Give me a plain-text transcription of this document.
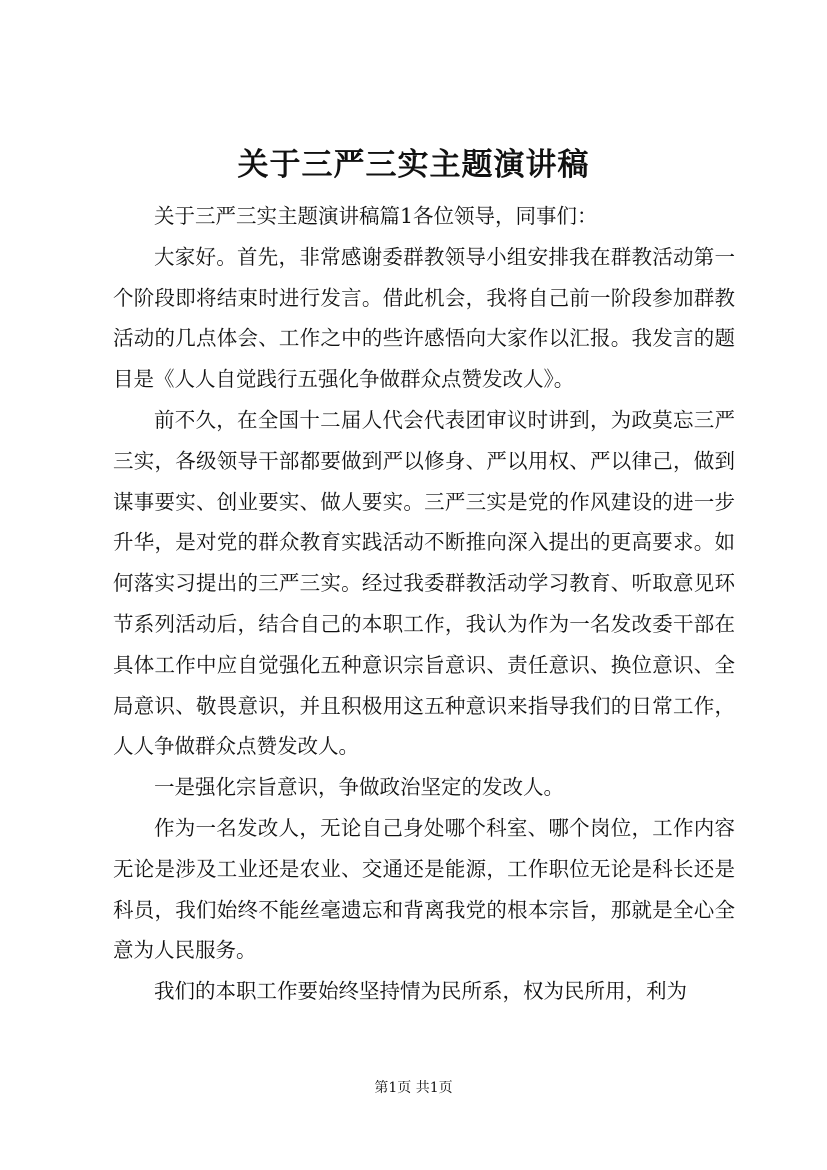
关于三严三实主题演讲稿

关于三严三实主题演讲稿篇1各位领导，同事们：

大家好。首先，非常感谢委群教领导小组安排我在群教活动第一个阶段即将结束时进行发言。借此机会，我将自己前一阶段参加群教活动的几点体会、工作之中的些许感悟向大家作以汇报。我发言的题目是《人人自觉践行五强化争做群众点赞发改人》。

前不久，在全国十二届人代会代表团审议时讲到，为政莫忘三严三实，各级领导干部都要做到严以修身、严以用权、严以律己，做到谋事要实、创业要实、做人要实。三严三实是党的作风建设的进一步升华，是对党的群众教育实践活动不断推向深入提出的更高要求。如何落实习提出的三严三实。经过我委群教活动学习教育、听取意见环节系列活动后，结合自己的本职工作，我认为作为一名发改委干部在具体工作中应自觉强化五种意识宗旨意识、责任意识、换位意识、全局意识、敬畏意识，并且积极用这五种意识来指导我们的日常工作，人人争做群众点赞发改人。

一是强化宗旨意识，争做政治坚定的发改人。

作为一名发改人，无论自己身处哪个科室、哪个岗位，工作内容无论是涉及工业还是农业、交通还是能源，工作职位无论是科长还是科员，我们始终不能丝毫遗忘和背离我党的根本宗旨，那就是全心全意为人民服务。

我们的本职工作要始终坚持情为民所系，权为民所用，利为

第1页 共1页
